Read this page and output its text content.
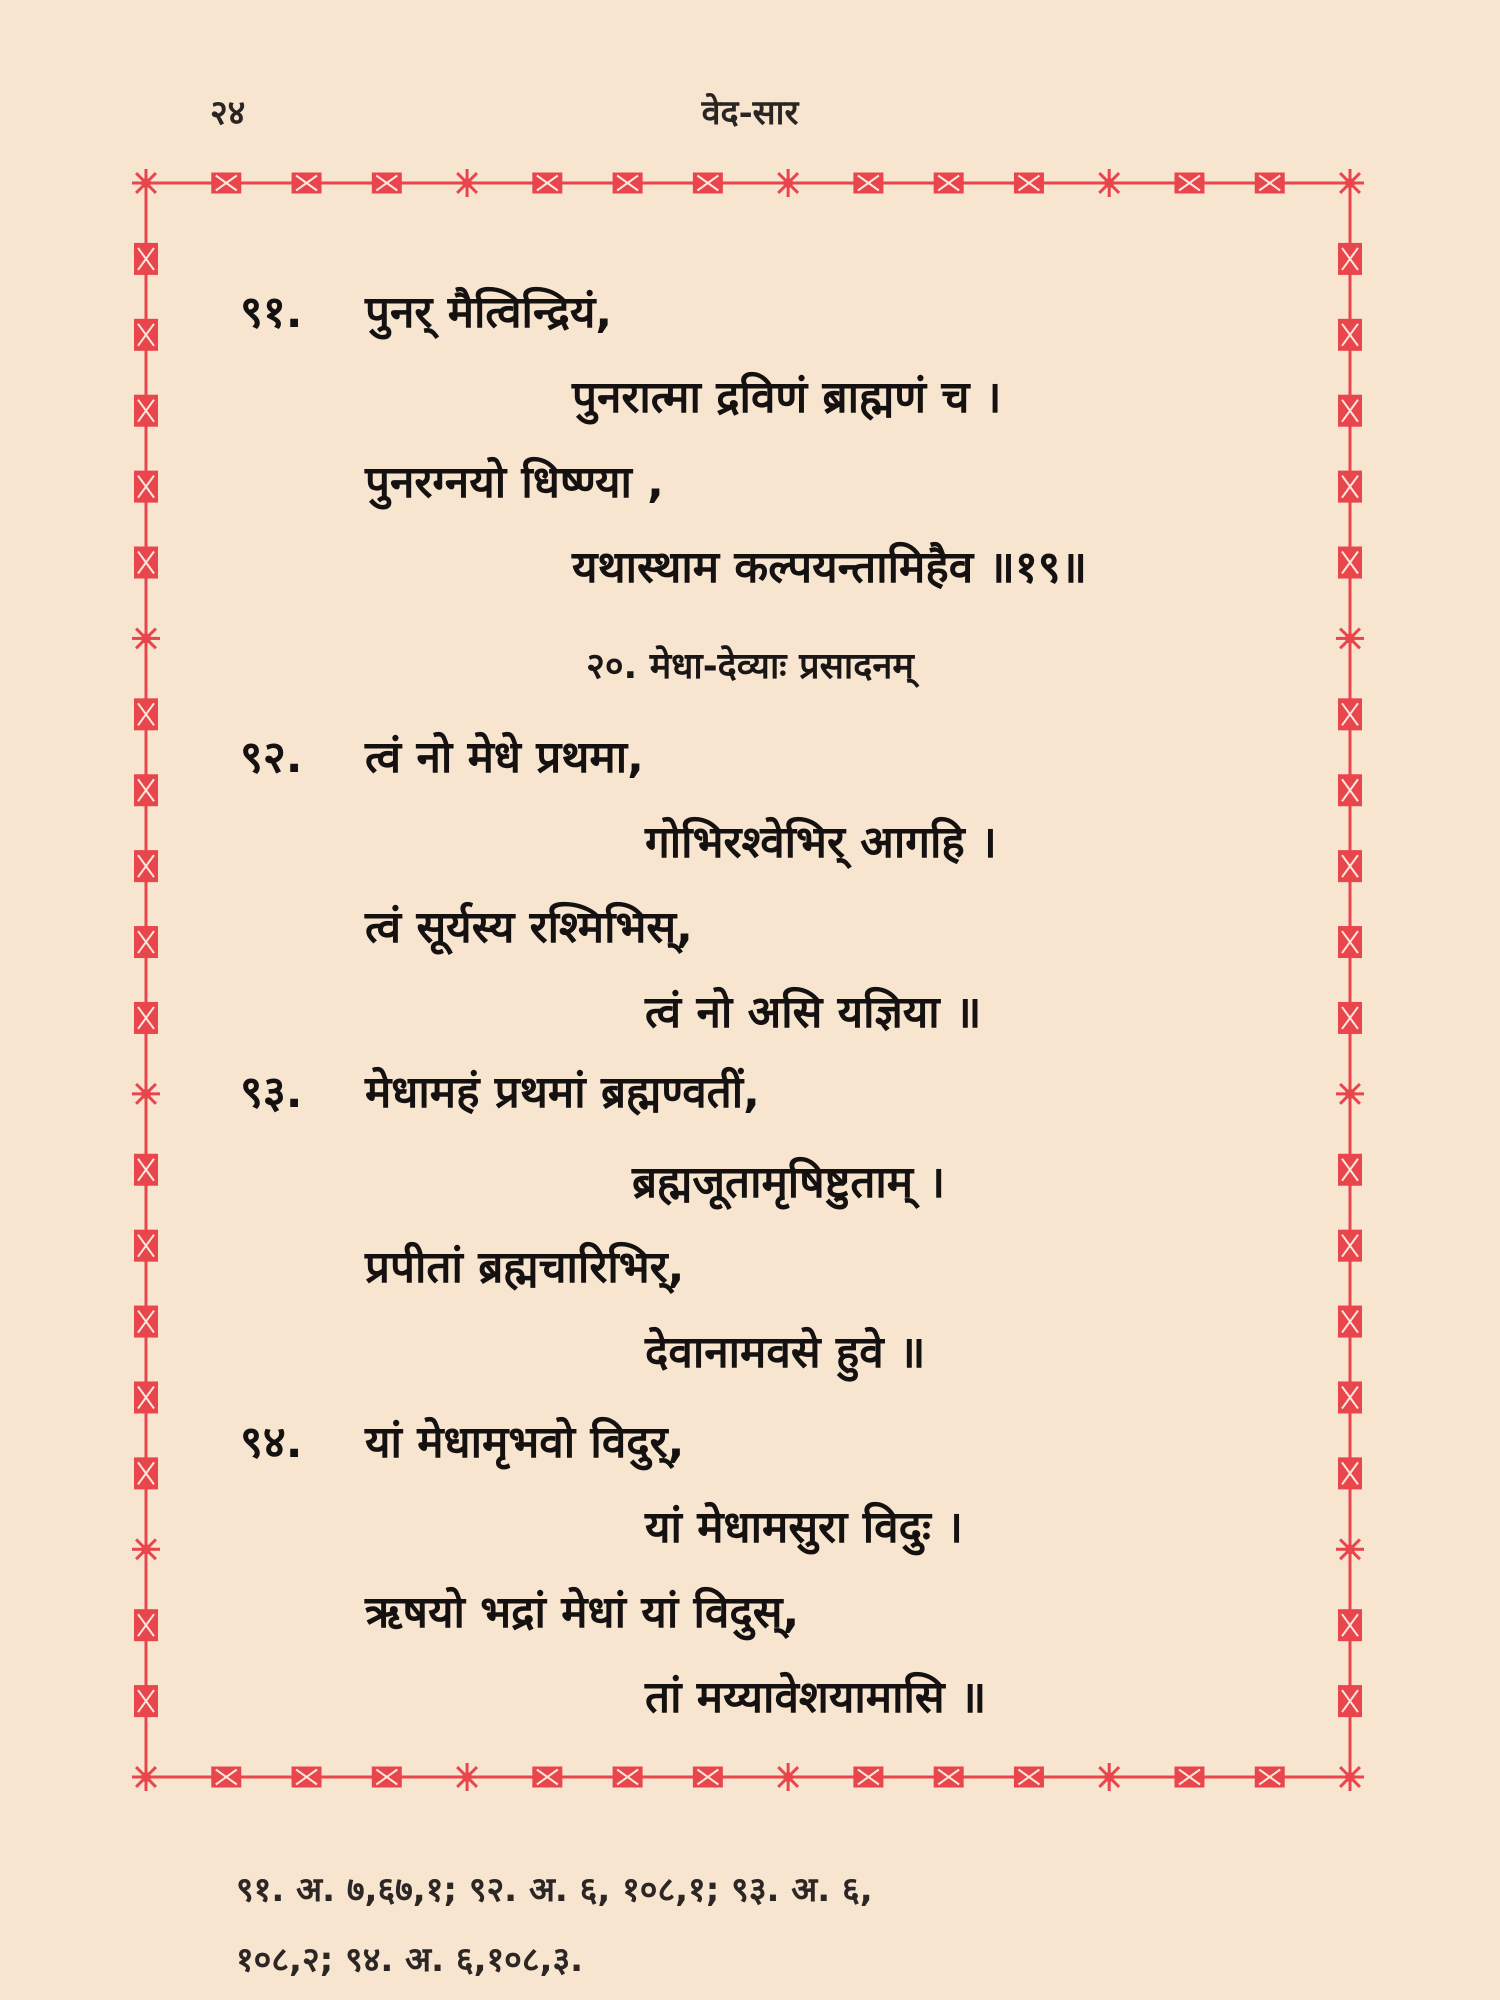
२४	वेद-सार
९१. पुनर् मैत्विन्द्रियं,
पुनरात्मा द्रविणं ब्राह्मणं च ।
पुनरग्नयो धिष्ण्या ,
यथास्थाम कल्पयन्तामिहैव ॥१९॥
२०. मेधा-देव्याः प्रसादनम्
९२. त्वं नो मेधे प्रथमा,
गोभिरश्वेभिर् आगहि ।
त्वं सूर्यस्य रश्मिभिस्,
त्वं नो असि यज्ञिया ॥
९३. मेधामहं प्रथमां ब्रह्मण्वतीं,
ब्रह्मजूतामृषिष्टुताम् ।
प्रपीतां ब्रह्मचारिभिर्,
देवानामवसे हुवे ॥
९४. यां मेधामृभवो विदुर्,
यां मेधामसुरा विदुः ।
ऋषयो भद्रां मेधां यां विदुस्,
तां मय्यावेशयामासि ॥
९१. अ. ७,६७,१; ९२. अ. ६, १०८,१; ९३. अ. ६,
१०८,२; ९४. अ. ६,१०८,३.
